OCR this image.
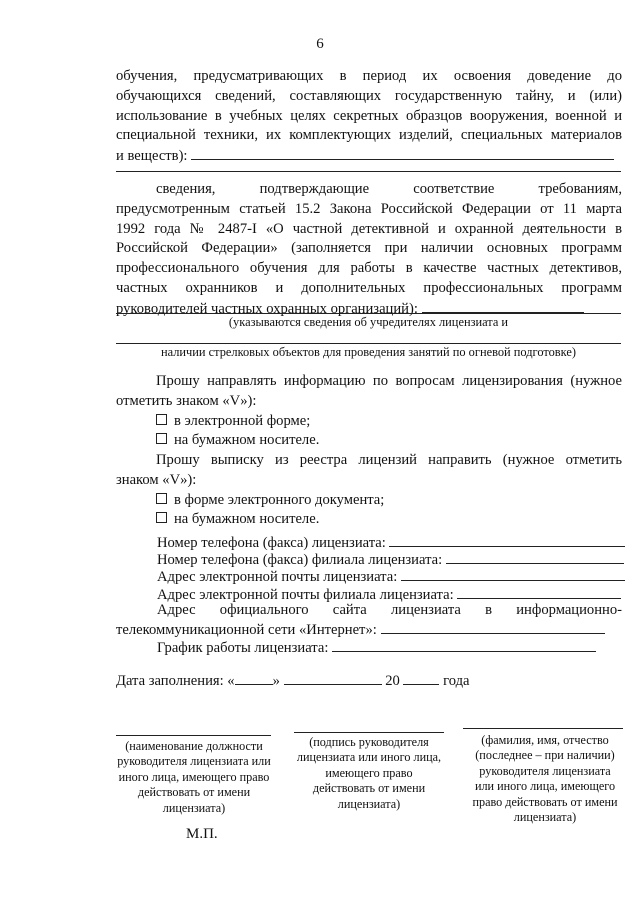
6
обучения, предусматривающих в период их освоения доведение до
обучающихся сведений, составляющих государственную тайну, и (или)
использование в учебных целях секретных образцов вооружения, военной и
специальной техники, их комплектующих изделий, специальных материалов
и веществ):
сведения, подтверждающие соответствие требованиям,
предусмотренным статьей 15.2 Закона Российской Федерации от 11 марта
1992 года № 2487-I «О частной детективной и охранной деятельности в
Российской Федерации» (заполняется при наличии основных программ
профессионального обучения для работы в качестве частных детективов,
частных охранников и дополнительных профессиональных программ
руководителей частных охранных организаций):
(указываются сведения об учредителях лицензиата и
наличии стрелковых объектов для проведения занятий по огневой подготовке)
Прошу направлять информацию по вопросам лицензирования (нужное
отметить знаком «V»):
в электронной форме;
на бумажном носителе.
Прошу выписку из реестра лицензий направить (нужное отметить
знаком «V»):
в форме электронного документа;
на бумажном носителе.
Номер телефона (факса) лицензиата:
Номер телефона (факса) филиала лицензиата:
Адрес электронной почты лицензиата:
Адрес электронной почты филиала лицензиата:
Адрес официального сайта лицензиата в информационно-
телекоммуникационной сети «Интернет»:
График работы лицензиата:
Дата заполнения: «	»	20	года
(наименование должности руководителя лицензиата или иного лица, имеющего право действовать от имени лицензиата)
(подпись руководителя лицензиата или иного лица, имеющего право действовать от имени лицензиата)
(фамилия, имя, отчество (последнее – при наличии) руководителя лицензиата или иного лица, имеющего право действовать от имени лицензиата)
М.П.
